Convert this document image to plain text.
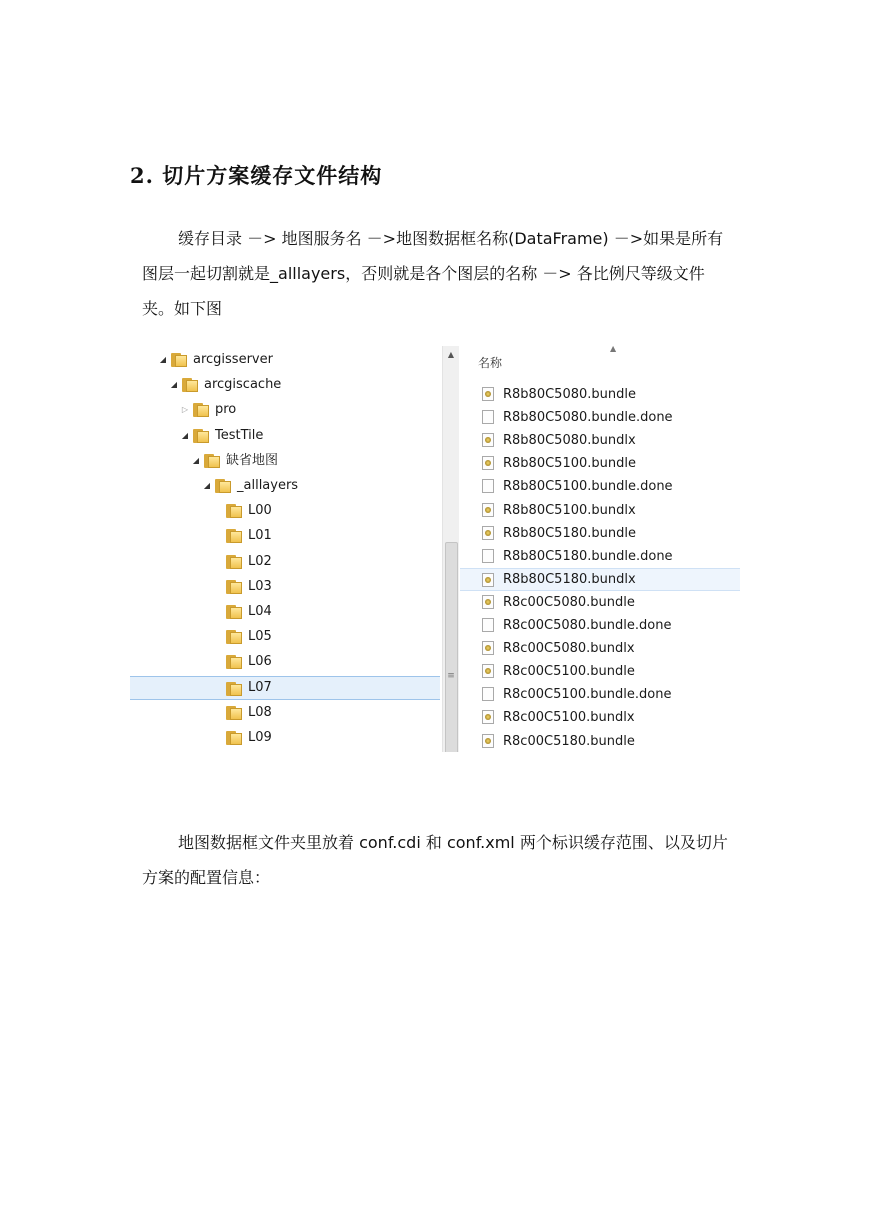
2. 切片方案缓存文件结构
缓存目录 －> 地图服务名 －>地图数据框名称(DataFrame) －>如果是所有图层一起切割就是_alllayers，否则就是各个图层的名称 －> 各比例尺等级文件夹。如下图
◢ arcgisserver
◢ arcgiscache
▷ pro
◢ TestTile
◢ 缺省地图
◢ _alllayers
L00
L01
L02
L03
L04
L05
L06
L07
L08
L09
▲
≡
名称
▲
R8b80C5080.bundle
R8b80C5080.bundle.done
R8b80C5080.bundlx
R8b80C5100.bundle
R8b80C5100.bundle.done
R8b80C5100.bundlx
R8b80C5180.bundle
R8b80C5180.bundle.done
R8b80C5180.bundlx
R8c00C5080.bundle
R8c00C5080.bundle.done
R8c00C5080.bundlx
R8c00C5100.bundle
R8c00C5100.bundle.done
R8c00C5100.bundlx
R8c00C5180.bundle
地图数据框文件夹里放着 conf.cdi 和 conf.xml 两个标识缓存范围、以及切片方案的配置信息：
